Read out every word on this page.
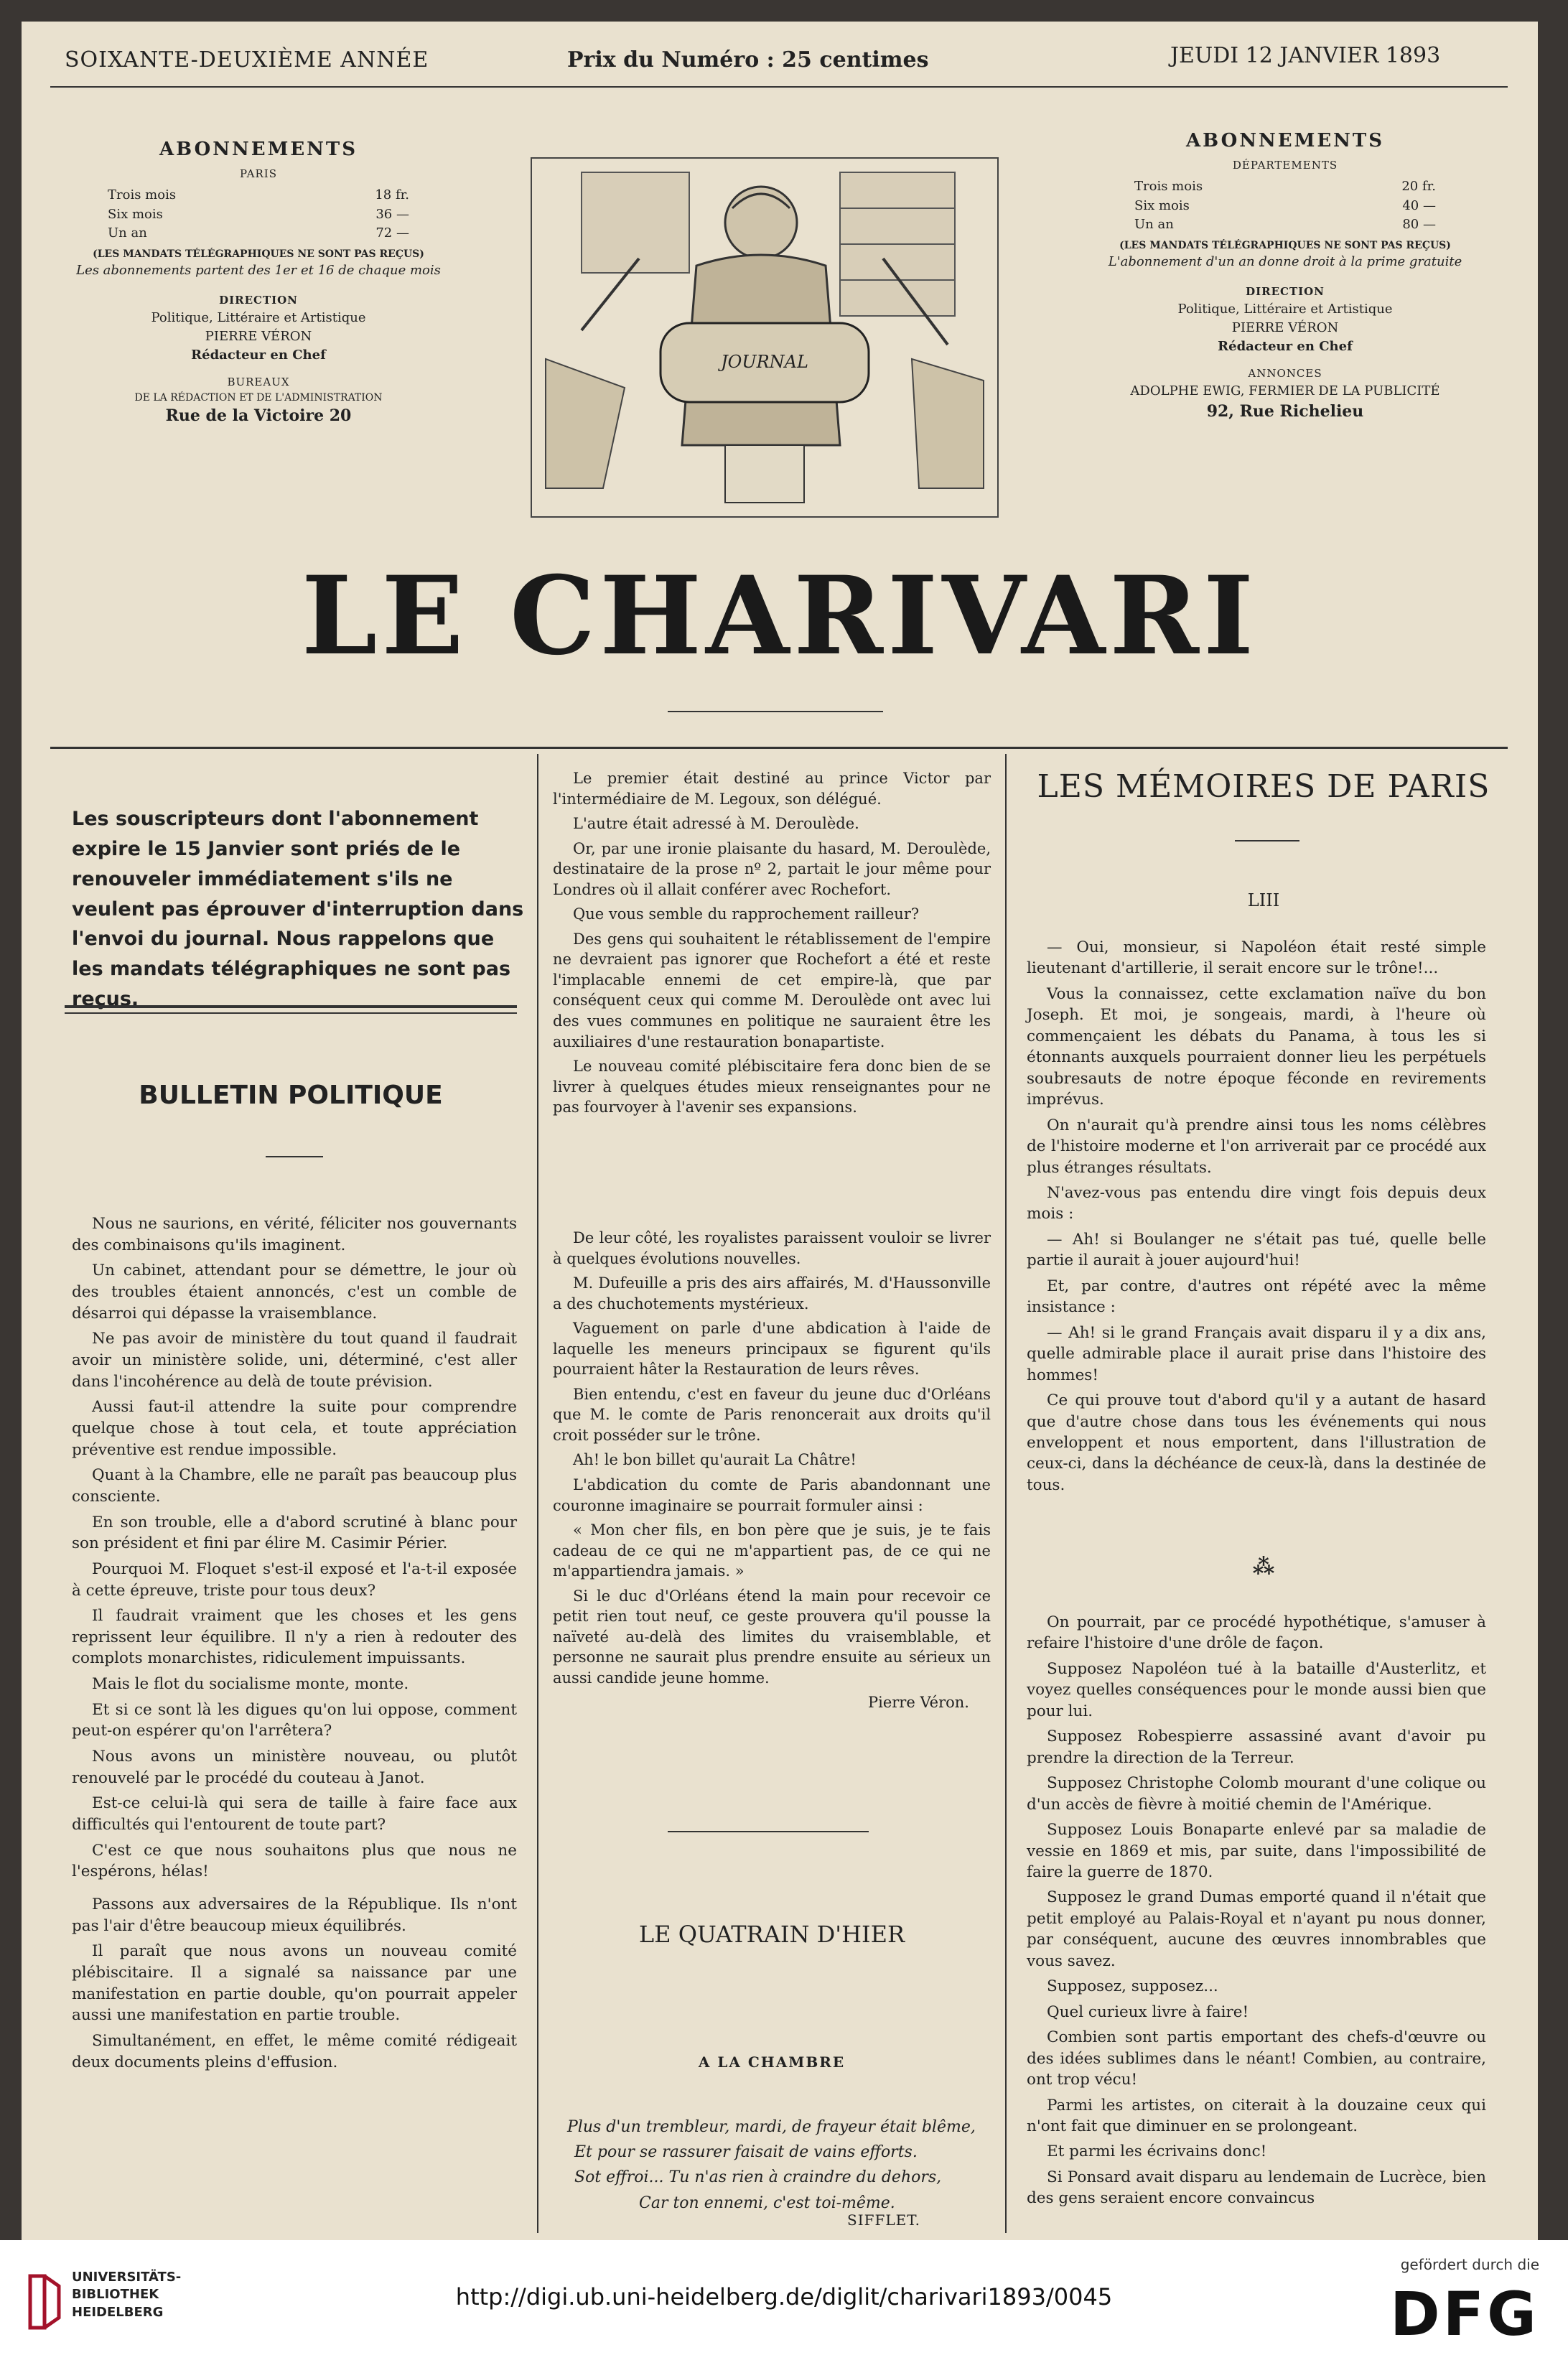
SOIXANTE-DEUXIÈME ANNÉE	Prix du Numéro : 25 centimes	JEUDI 12 JANVIER 1893
ABONNEMENTS
PARIS
Trois mois	18 fr.
Six mois	36 —
Un an	72 —
(LES MANDATS TÉLÉGRAPHIQUES NE SONT PAS REÇUS)
Les abonnements partent des 1er et 16 de chaque mois
DIRECTION
Politique, Littéraire et Artistique
PIERRE VÉRON
Rédacteur en Chef
BUREAUX
DE LA RÉDACTION ET DE L'ADMINISTRATION
Rue de la Victoire 20
JOURNAL
ABONNEMENTS
DÉPARTEMENTS
Trois mois	20 fr.
Six mois	40 —
Un an	80 —
(LES MANDATS TÉLÉGRAPHIQUES NE SONT PAS REÇUS)
L'abonnement d'un an donne droit à la prime gratuite
DIRECTION
Politique, Littéraire et Artistique
PIERRE VÉRON
Rédacteur en Chef
ANNONCES
ADOLPHE EWIG, FERMIER DE LA PUBLICITÉ
92, Rue Richelieu
LE CHARIVARI
Les souscripteurs dont l'abonnement expire le 15 Janvier sont priés de le renouveler immédiatement s'ils ne veulent pas éprouver d'interruption dans l'envoi du journal. Nous rappelons que les mandats télégraphiques ne sont pas reçus.
BULLETIN POLITIQUE

Nous ne saurions, en vérité, féliciter nos gouvernants des combinaisons qu'ils imaginent.

Un cabinet, attendant pour se démettre, le jour où des troubles étaient annoncés, c'est un comble de désarroi qui dépasse la vraisemblance.

Ne pas avoir de ministère du tout quand il faudrait avoir un ministère solide, uni, déterminé, c'est aller dans l'incohérence au delà de toute prévision.

Aussi faut-il attendre la suite pour comprendre quelque chose à tout cela, et toute appréciation préventive est rendue impossible.

Quant à la Chambre, elle ne paraît pas beaucoup plus consciente.

En son trouble, elle a d'abord scrutiné à blanc pour son président et fini par élire M. Casimir Périer.

Pourquoi M. Floquet s'est-il exposé et l'a-t-il exposée à cette épreuve, triste pour tous deux?

Il faudrait vraiment que les choses et les gens reprissent leur équilibre. Il n'y a rien à redouter des complots monarchistes, ridiculement impuissants.

Mais le flot du socialisme monte, monte.

Et si ce sont là les digues qu'on lui oppose, comment peut-on espérer qu'on l'arrêtera?

Nous avons un ministère nouveau, ou plutôt renouvelé par le procédé du couteau à Janot.

Est-ce celui-là qui sera de taille à faire face aux difficultés qui l'entourent de toute part?

C'est ce que nous souhaitons plus que nous ne l'espérons, hélas!

Passons aux adversaires de la République. Ils n'ont pas l'air d'être beaucoup mieux équilibrés.

Il paraît que nous avons un nouveau comité plébiscitaire. Il a signalé sa naissance par une manifestation en partie double, qu'on pourrait appeler aussi une manifestation en partie trouble.

Simultanément, en effet, le même comité rédigeait deux documents pleins d'effusion.

Le premier était destiné au prince Victor par l'intermédiaire de M. Legoux, son délégué.

L'autre était adressé à M. Deroulède.

Or, par une ironie plaisante du hasard, M. Deroulède, destinataire de la prose nº 2, partait le jour même pour Londres où il allait conférer avec Rochefort.

Que vous semble du rapprochement railleur?

Des gens qui souhaitent le rétablissement de l'empire ne devraient pas ignorer que Rochefort a été et reste l'implacable ennemi de cet empire-là, que par conséquent ceux qui comme M. Deroulède ont avec lui des vues communes en politique ne sauraient être les auxiliaires d'une restauration bonapartiste.

Le nouveau comité plébiscitaire fera donc bien de se livrer à quelques études mieux renseignantes pour ne pas fourvoyer à l'avenir ses expansions.

De leur côté, les royalistes paraissent vouloir se livrer à quelques évolutions nouvelles.

M. Dufeuille a pris des airs affairés, M. d'Haussonville a des chuchotements mystérieux.

Vaguement on parle d'une abdication à l'aide de laquelle les meneurs principaux se figurent qu'ils pourraient hâter la Restauration de leurs rêves.

Bien entendu, c'est en faveur du jeune duc d'Orléans que M. le comte de Paris renoncerait aux droits qu'il croit posséder sur le trône.

Ah! le bon billet qu'aurait La Châtre!

L'abdication du comte de Paris abandonnant une couronne imaginaire se pourrait formuler ainsi :

« Mon cher fils, en bon père que je suis, je te fais cadeau de ce qui ne m'appartient pas, de ce qui ne m'appartiendra jamais. »

Si le duc d'Orléans étend la main pour recevoir ce petit rien tout neuf, ce geste prouvera qu'il pousse la naïveté au-delà des limites du vraisemblable, et personne ne saurait plus prendre ensuite au sérieux un aussi candide jeune homme.

Pierre Véron.

LE QUATRAIN D'HIER
A LA CHAMBRE
Plus d'un trembleur, mardi, de frayeur était blême,
Et pour se rassurer faisait de vains efforts.
Sot effroi... Tu n'as rien à craindre du dehors,
Car ton ennemi, c'est toi-même.
SIFFLET.
LES MÉMOIRES DE PARIS
LIII

— Oui, monsieur, si Napoléon était resté simple lieutenant d'artillerie, il serait encore sur le trône!...

Vous la connaissez, cette exclamation naïve du bon Joseph. Et moi, je songeais, mardi, à l'heure où commençaient les débats du Panama, à tous les si étonnants auxquels pourraient donner lieu les perpétuels soubresauts de notre époque féconde en revirements imprévus.

On n'aurait qu'à prendre ainsi tous les noms célèbres de l'histoire moderne et l'on arriverait par ce procédé aux plus étranges résultats.

N'avez-vous pas entendu dire vingt fois depuis deux mois :

— Ah! si Boulanger ne s'était pas tué, quelle belle partie il aurait à jouer aujourd'hui!

Et, par contre, d'autres ont répété avec la même insistance :

— Ah! si le grand Français avait disparu il y a dix ans, quelle admirable place il aurait prise dans l'histoire des hommes!

Ce qui prouve tout d'abord qu'il y a autant de hasard que d'autre chose dans tous les événements qui nous enveloppent et nous emportent, dans l'illustration de ceux-ci, dans la déchéance de ceux-là, dans la destinée de tous.

⁂

On pourrait, par ce procédé hypothétique, s'amuser à refaire l'histoire d'une drôle de façon.

Supposez Napoléon tué à la bataille d'Austerlitz, et voyez quelles conséquences pour le monde aussi bien que pour lui.

Supposez Robespierre assassiné avant d'avoir pu prendre la direction de la Terreur.

Supposez Christophe Colomb mourant d'une colique ou d'un accès de fièvre à moitié chemin de l'Amérique.

Supposez Louis Bonaparte enlevé par sa maladie de vessie en 1869 et mis, par suite, dans l'impossibilité de faire la guerre de 1870.

Supposez le grand Dumas emporté quand il n'était que petit employé au Palais-Royal et n'ayant pu nous donner, par conséquent, aucune des œuvres innombrables que vous savez.

Supposez, supposez...

Quel curieux livre à faire!

Combien sont partis emportant des chefs-d'œuvre ou des idées sublimes dans le néant! Combien, au contraire, ont trop vécu!

Parmi les artistes, on citerait à la douzaine ceux qui n'ont fait que diminuer en se prolongeant.

Et parmi les écrivains donc!

Si Ponsard avait disparu au lendemain de Lucrèce, bien des gens seraient encore convaincus

UNIVERSITÄTS-
BIBLIOTHEK
HEIDELBERG
http://digi.ub.uni-heidelberg.de/diglit/charivari1893/0045
gefördert durch die
DFG
